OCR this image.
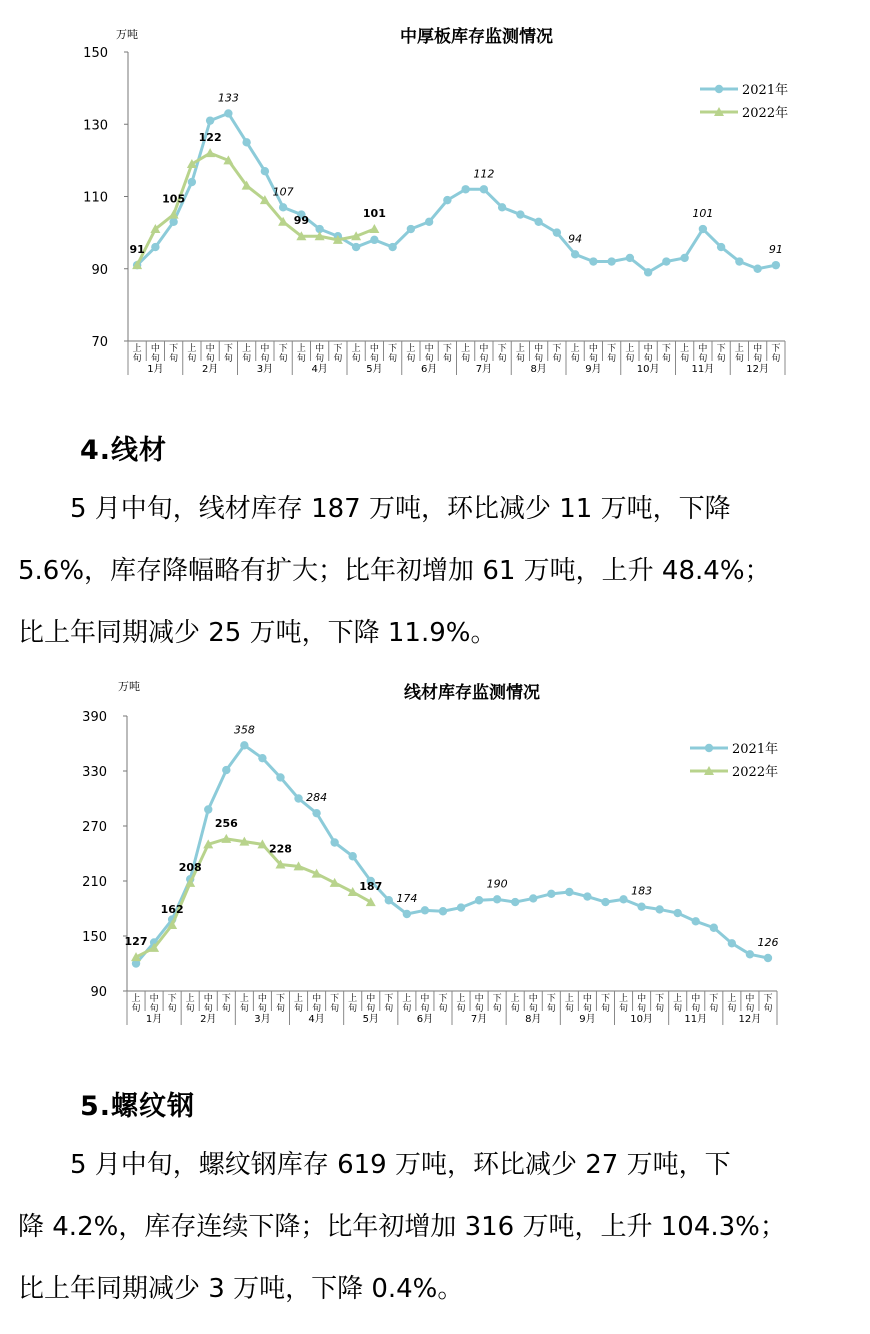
中厚板库存监测情况
万吨
70
90
110
130
150
上
旬
中
旬
下
旬
上
旬
中
旬
下
旬
上
旬
中
旬
下
旬
上
旬
中
旬
下
旬
上
旬
中
旬
下
旬
上
旬
中
旬
下
旬
上
旬
中
旬
下
旬
上
旬
中
旬
下
旬
上
旬
中
旬
下
旬
上
旬
中
旬
下
旬
上
旬
中
旬
下
旬
上
旬
中
旬
下
旬
1月	2月	3月	4月	5月	6月	7月	8月	9月	10月	11月	12月
133
107
112
94
101
91
91
105
122
99
101
2021年
2022年
4.线材
　　5 月中旬，线材库存 187 万吨，环比减少 11 万吨，下降
5.6%，库存降幅略有扩大；比年初增加 61 万吨，上升 48.4%；
比上年同期减少 25 万吨，下降 11.9%。
线材库存监测情况
万吨
90
150
210
270
330
390
上
旬
中
旬
下
旬
上
旬
中
旬
下
旬
上
旬
中
旬
下
旬
上
旬
中
旬
下
旬
上
旬
中
旬
下
旬
上
旬
中
旬
下
旬
上
旬
中
旬
下
旬
上
旬
中
旬
下
旬
上
旬
中
旬
下
旬
上
旬
中
旬
下
旬
上
旬
中
旬
下
旬
上
旬
中
旬
下
旬
1月	2月	3月	4月	5月	6月	7月	8月	9月	10月	11月	12月
358
284
174
190
183
126
127
162
208
256
228
187
2021年
2022年
5.螺纹钢
　　5 月中旬，螺纹钢库存 619 万吨，环比减少 27 万吨，下
降 4.2%，库存连续下降；比年初增加 316 万吨，上升 104.3%；
比上年同期减少 3 万吨，下降 0.4%。
